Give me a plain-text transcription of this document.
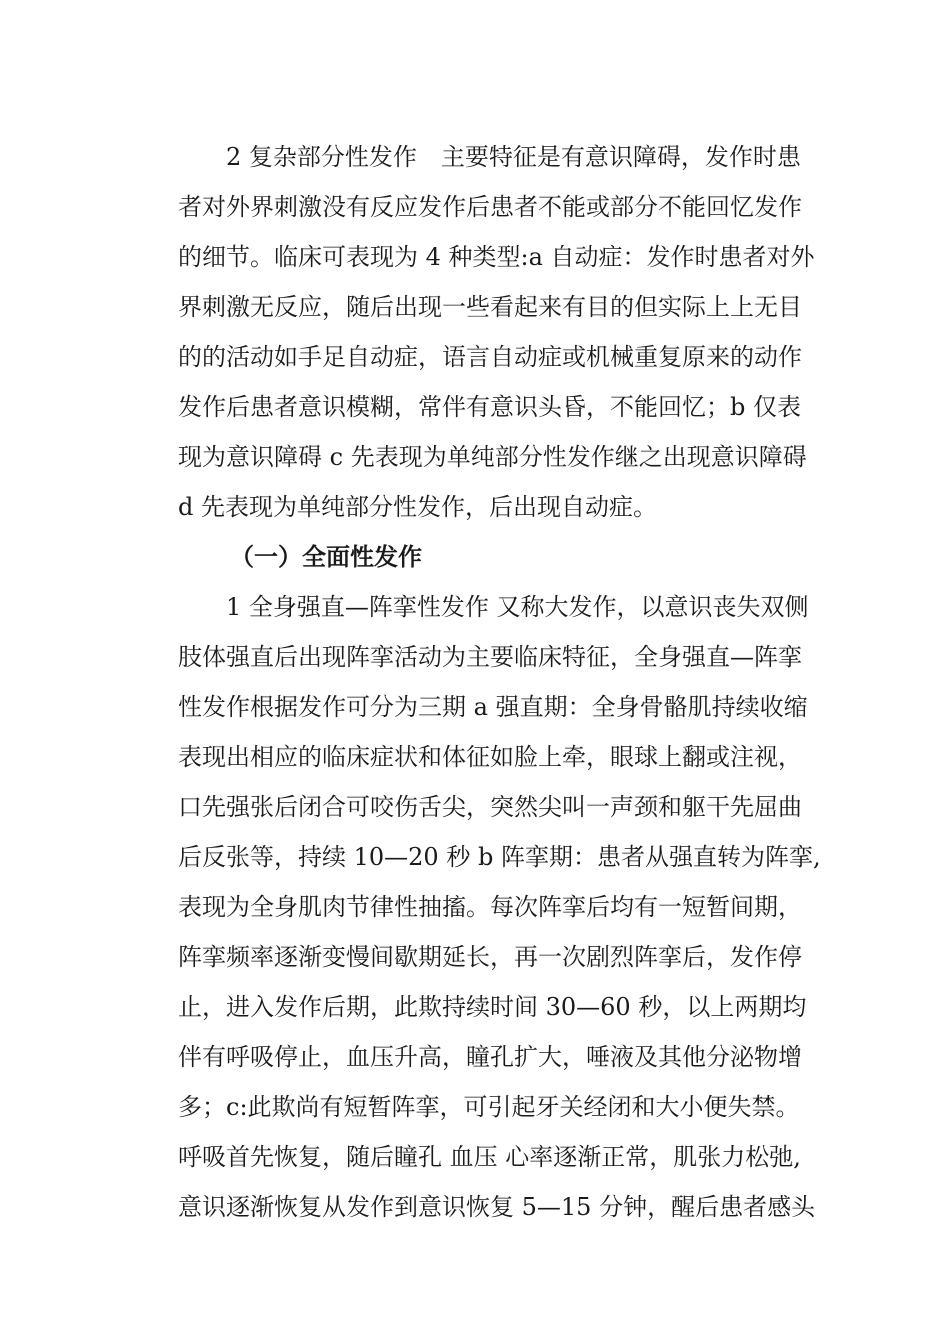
2 复杂部分性发作　主要特征是有意识障碍，发作时患
者对外界刺激没有反应发作后患者不能或部分不能回忆发作
的细节。临床可表现为 4 种类型:a 自动症：发作时患者对外
界刺激无反应，随后出现一些看起来有目的但实际上上无目
的的活动如手足自动症，语言自动症或机械重复原来的动作
发作后患者意识模糊，常伴有意识头昏，不能回忆；b 仅表
现为意识障碍 c 先表现为单纯部分性发作继之出现意识障碍
d 先表现为单纯部分性发作，后出现自动症。
（一）全面性发作
1 全身强直—阵挛性发作 又称大发作，以意识丧失双侧
肢体强直后出现阵挛活动为主要临床特征，全身强直—阵挛
性发作根据发作可分为三期 a 强直期：全身骨骼肌持续收缩
表现出相应的临床症状和体征如脸上牵，眼球上翻或注视，
口先强张后闭合可咬伤舌尖，突然尖叫一声颈和躯干先屈曲
后反张等，持续 10—20 秒 b 阵挛期：患者从强直转为阵挛,
表现为全身肌肉节律性抽搐。每次阵挛后均有一短暂间期，
阵挛频率逐渐变慢间歇期延长，再一次剧烈阵挛后，发作停
止，进入发作后期，此欺持续时间 30—60 秒，以上两期均
伴有呼吸停止，血压升高，瞳孔扩大，唾液及其他分泌物增
多；c:此欺尚有短暂阵挛，可引起牙关经闭和大小便失禁。
呼吸首先恢复，随后瞳孔 血压 心率逐渐正常，肌张力松弛,
意识逐渐恢复从发作到意识恢复 5—15 分钟，醒后患者感头
